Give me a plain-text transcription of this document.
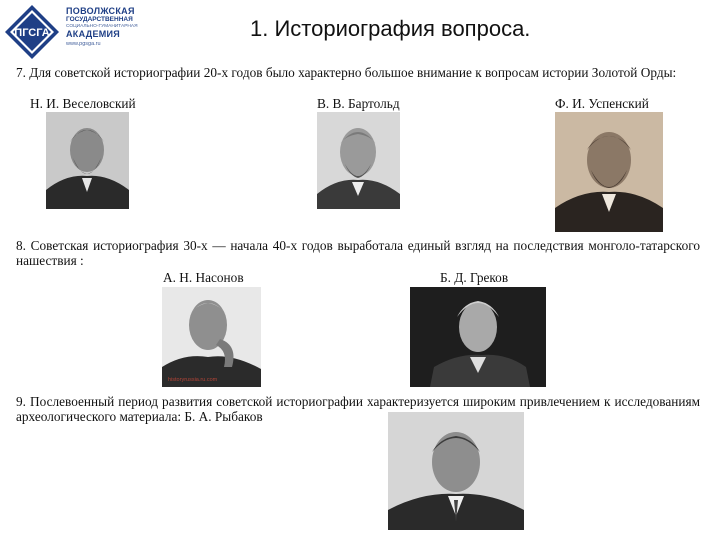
ПГСГА
ПОВОЛЖСКАЯ
ГОСУДАРСТВЕННАЯ
СОЦИАЛЬНО-ГУМАНИТАРНАЯ
АКАДЕМИЯ
www.pgsga.ru
1. Историография вопроса.
7. Для советской историографии 20-х годов было характерно большое внимание к вопросам истории Золотой Орды:
Н. И. Веселовский	В. В. Бартольд	Ф. И. Успенский
8. Советская историография 30-х — начала 40-х годов выработала единый взгляд на последствия монголо-татарского нашествия :
А. Н. Насонов	Б. Д. Греков
historyrussia.ru.com
9. Послевоенный период развития советской историографии характеризуется широким привлечением к исследованиям археологического материала: Б. А. Рыбаков
